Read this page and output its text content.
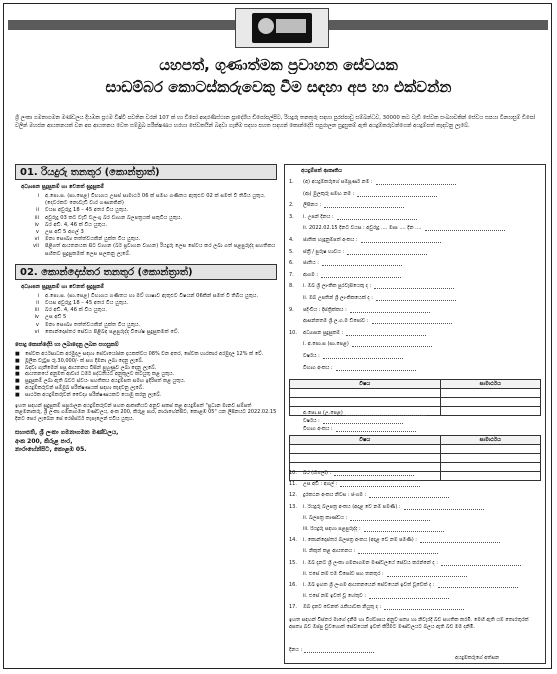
යහපත්, ගුණාත්මක ප්‍රවාහන සේවයක
සාඩම්බර කොටස්කරුවෙකු වීම සඳහා අප හා එක්වන්න
ශ්‍රී ලංකා ගමනාගමන මණ්ඩලය දියඹක ප්‍රථම විෂ්වි පවතින වරන් 107 ක් හා ඩිපෝ ආදරණිස්ථාන ප්‍රාදේශීය ඩිපෝපල්පිට, රියදුරු තනතුරු සඳහා පුරප්පාඩු සම්බන්ධව, 30000 කට වැඩි සේවක සංඛ්‍යාවකින් සේවය සපයා වින්‍යාසුම් ඩිපෝ වලින් මහජන ආයතනයක් වන අප ආයතනය වෙත සම්මුඛ පරීක්ෂණය හරහා සේවකයින් බඳවා ගැනීම සඳහා පහත සඳහන් කොන්දේසි සපුරාලන සුදුසුකම් ඇති අයදුම්කරුවන්ගෙන් අයදුම්පත් කැඳවනු ලැබේ.
01. රියදුරු තනතුර (කොන්ත්‍රාත්)
අධ්‍යාපන සුදුසුකම් හා වෙනත් සුදුසුකම්
i	අ.පො.ස. (සා.පෙළ) විභාගය උසස් සාමාර්ථ 06 ක් සමඟ ගණිතය ඇතුළුව 02 ක් සමත් වී තිබිය යුතුය. (දෙවරකට නොවැඩි වාර ගණනකින්)
ii	වයස අවුරුදු 18 – 45 අතර විය යුතුය.
iii	අවුරුදු 03 කට වැඩි වලංගු බර වාහන බලපත්‍රයක් සතුවිය යුතුය.
iv	බර අඩි. 4, 46 ක් විය යුතුය.
v	උස අඩි 5 අගල් 3
vi	මනා සෞඛ්‍ය තත්ත්වයකින් යුක්ත විය යුතුය.
vii	පිළිගත් ආයතනයක සිට වාහන (බර් ප්‍රවාහන වාහන) රියදුරු ලෙස සේවය කර ලබා ගත් පළපුරුද්ද සහතිකය සහිතව සුදුසුකමක් ලෙස සලකනු ලැබේ.
02. කොන්දොස්තර තනතුර (කොන්ත්‍රාත්)
අධ්‍යාපන සුදුසුකම් හා වෙනත් සුදුසුකම්
i	අ.පො.ස. (සා.පෙළ) විභාගය ගණිතය හා මව් භාෂාව ඇතුළුව විෂයන් 06කින් සමත් වී තිබිය යුතුය.
ii	වයස අවුරුදු 18 – 45 අතර විය යුතුය.
iii	බර අඩි. 4, 46 ක් විය යුතුය.
iv	උස අඩි 5
v	මනා සෞඛ්‍ය තත්ත්වයකින් යුක්ත විය යුතුය.
vi	කොන්දොස්තර සේවය පිළිබඳ පළපුරුද්ද විශේෂ සුදුසුකමක් වේ.
පොදු කොන්දේසි හා ලබාදෙනු ලබන පහසුකම්
■	සේවක අර්ථසාධක අරමුදල සඳහා සේවායෝජක දායකත්වය 08% වන අතර, සේවක භාරකාර අරමුදල 12% ක් වේ.
■	මූලික වැටුප රු.30,000/- ක් සහ දීමනා ලබා දෙනු ලැබේ.
■	බඳවා ගැනීමෙන් පසු ආයතනය විසින් පුහුණුව ලබා දෙනු ලැබේ.
■	ආයතනයේ අනුමත ආචාර ධර්ම පද්ධතියට අනුකූලව කටයුතු කළ යුතුය.
■	සුදුසුකම් ලබා ඇති බවට ස්වයං සහතිකය අයදුම්පත සමඟ ඉදිරිපත් කළ යුතුය.
■	අයදුම්කරුවන් සම්මුඛ පරීක්ෂණයක් සඳහා කැඳවනු ලැබේ.
■	සාර්ථක අයදුම්කරුවන් වෛද්‍ය පරීක්ෂණයකට යොමු කරනු ලැබේ.
ඉහත සඳහන් සුදුසුකම් සපුරාලන අයදුම්කරුවන් පහත ආකෘතියට අනුව සකස් කළ අයදුම්පත් "ප්‍රධාන මානව සම්පත් කළමනාකරු, ශ්‍රී ලංකා ගමනාගමන මණ්ඩලය, අංක 200, කිරුළ පාර, නාරාහේන්පිට, කොළඹ 05" යන ලිපිනයට 2022.02.15 දිනට පෙර ලැබෙන සේ රෙජිස්ටර් තැපෑලෙන් එවිය යුතුය.
සභාපති, ශ්‍රී ලංකා ගමනාගමන මණ්ඩලය,
අංක 200, කිරුළ පාර,
නාරාහේන්පිට, කොළඹ 05.
අයදුම්පත් ආකෘතිය
1. (අ) අයදුම්කරුගේ සම්පූර්ණ නම :
(ආ) මුලකුරු සමඟ නම :
2. ලිපිනය :
3. i. උපන් දිනය :
ii. 2022.02.15 දිනට වයස : අවුරුදු .... මාස .... දින ....
4. ජාතික හැඳුනුම්පත් අංකය :
5. ස්ත්‍රී / පුරුෂ භාවය :
6. ජාතිය :
7. ආගම :
8. i. ඔබ ශ්‍රී ලාංකික පුරවැසියෙකු ද :
ii. ඔබ උපතින් ශ්‍රී ලාංකිකයෙක් ද :
9. පදිංචිය : දිස්ත්‍රික්කය :
ආසන්නතම ශ්‍රී.ල.ග.ම ඩිපෝව :
10. අධ්‍යාපන සුදුසුකම් :
i. අ.පො.ස (සා.පෙළ)
වර්ෂය :
විභාග අංකය :
විෂය	සාමාර්ථය

අ.පො.ස (උ.පෙළ)
වර්ෂය :
විභාග අංකය :
විෂය	සාමාර්ථය

10. බර (කිලෝ) :
11. උස අඩි : අගල් :
12. දුරකථන අංකය නිවස : ජංගම :
13. i. රියදුරු බලපත්‍ර අංකය (අදාළ වේ නම් පමණි) :
ii. බලපත්‍ර කාණ්ඩය :
iii. රියදුරු සඳහා පළපුරුද්ද :
14. i. කොන්දොස්තර බලපත්‍ර අංකය (අදාළ වේ නම් පමණි) :
ii. නිකුත් කළ ආයතනය :
15. i. ඔබ දැනට ශ්‍රී ලංකා ගමනාගමන මණ්ඩලයේ සේවය කරන්නේ ද :
ii. එසේ නම් එම ඩිපෝව සහ තනතුර :
16. i. ඔබ ඉහත ශ්‍රී ලංගම ආයතනයෙන් සේවයෙන් ඉවත් වූවෙක් ද :
ii. එසේ නම් ඉවත් වූ හේතුව :
17. ඔබ දැනට වෙනත් රැකියාවක නියුතු ද :
ඉහත සඳහන් විස්තර මාගේ දැනීම හා විශ්වාසය අනුව සත්‍ය හා නිවැරදි බව සහතික කරමි. මෙහි ඇති යම් තොරතුරක් අසත්‍ය බව ඔප්පු වුවහොත් සේවයෙන් ඉවත් කිරීමට මණ්ඩලයට බලය ඇති බව මම දනිමි.
දිනය :
අයදුම්කරුගේ අත්සන
